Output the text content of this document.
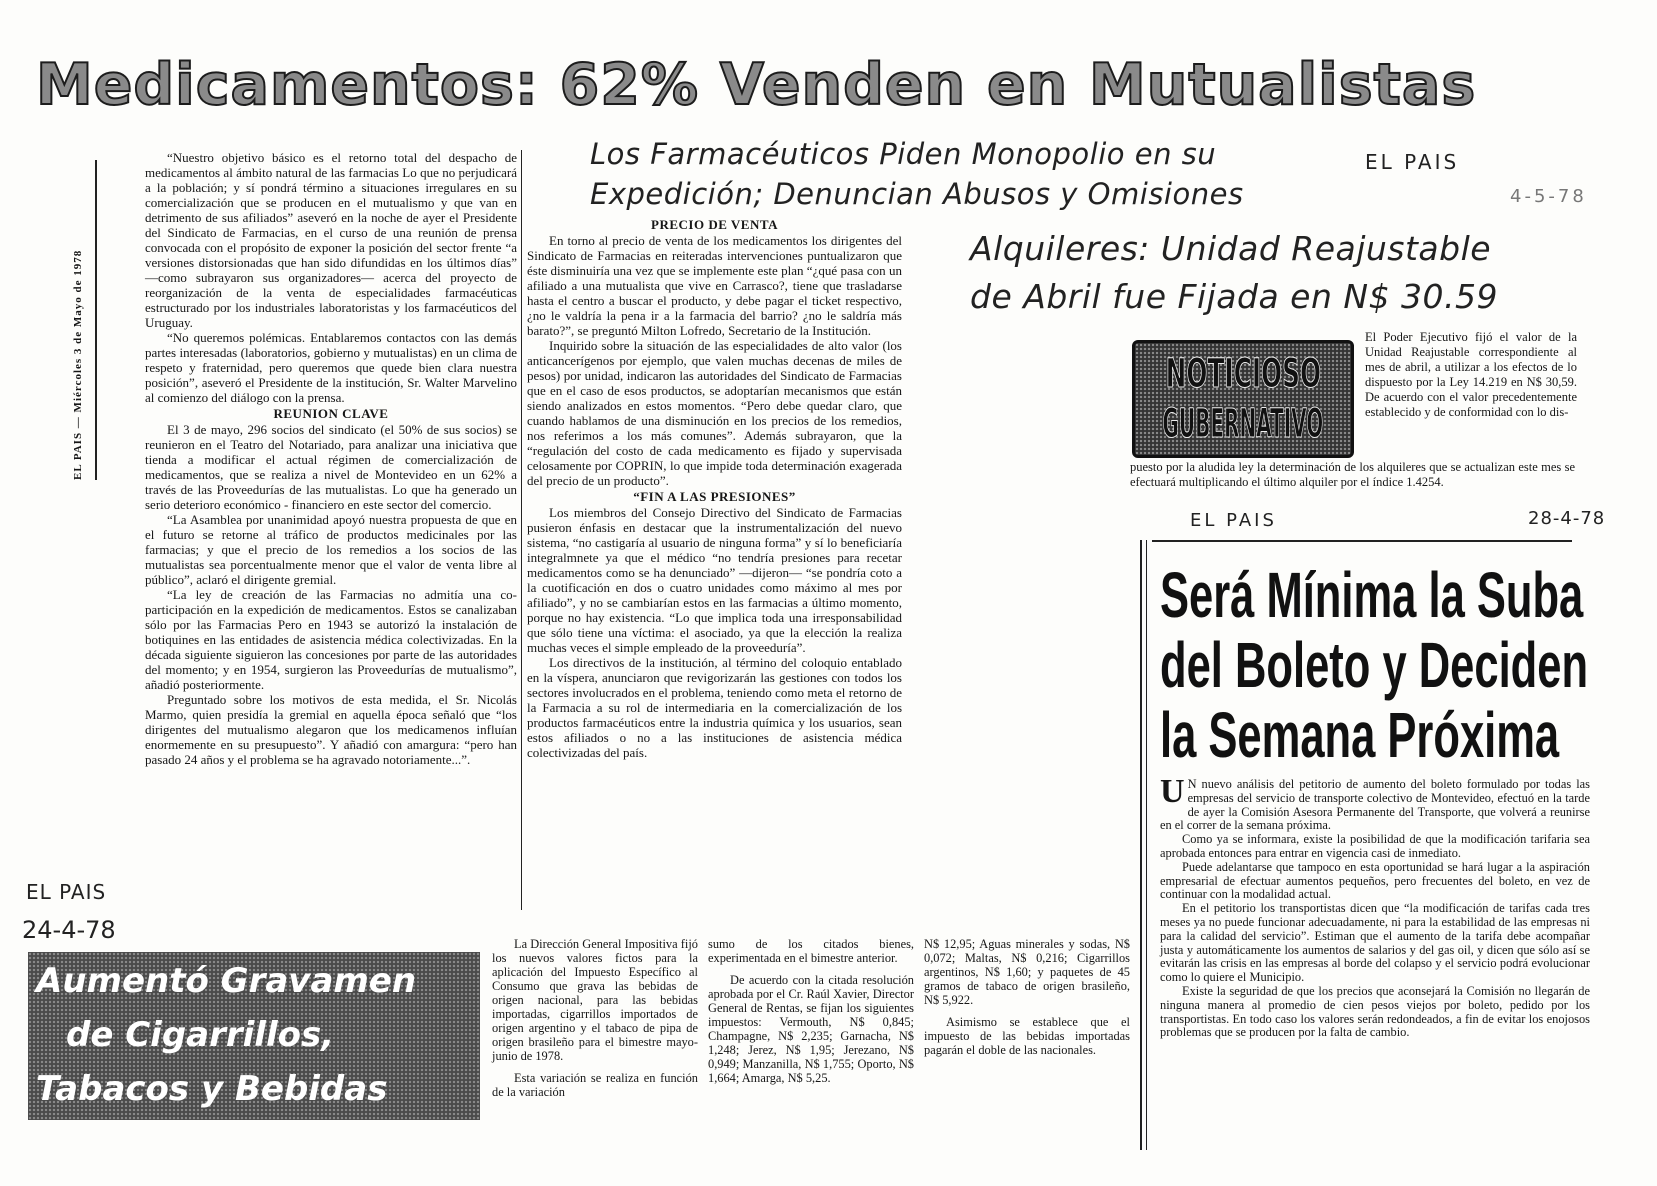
Medicamentos: 62% Venden en Mutualistas
EL PAIS — Miércoles 3 de Mayo de 1978
Los Farmacéuticos Piden Monopolio en su
Expedición; Denuncian Abusos y Omisiones

“Nuestro objetivo básico es el retorno total del despacho de medicamentos al ámbito natural de las farmacias Lo que no perjudicará a la población; y sí pondrá término a situaciones irregulares en su comercialización que se producen en el mutualismo y que van en detrimento de sus afiliados” aseveró en la noche de ayer el Presidente del Sindicato de Farmacias, en el curso de una reunión de prensa convocada con el propósito de exponer la posición del sector frente “a versiones distorsionadas que han sido difundidas en los últimos días” —como subrayaron sus organizadores— acerca del proyecto de reorganización de la venta de especialidades farmacéuticas estructurado por los industriales laboratoristas y los farmacéuticos del Uruguay.

“No queremos polémicas. Entablaremos contactos con las demás partes interesadas (laboratorios, gobierno y mutualistas) en un clima de respeto y fraternidad, pero queremos que quede bien clara nuestra posición”, aseveró el Presidente de la institución, Sr. Walter Marvelino al comienzo del diálogo con la prensa.

REUNION CLAVE

El 3 de mayo, 296 socios del sindicato (el 50% de sus socios) se reunieron en el Teatro del Notariado, para analizar una iniciativa que tienda a modificar el actual régimen de comercialización de medicamentos, que se realiza a nivel de Montevideo en un 62% a través de las Proveedurías de las mutualistas. Lo que ha generado un serio deterioro económico - financiero en este sector del comercio.

“La Asamblea por unanimidad apoyó nuestra propuesta de que en el futuro se retorne al tráfico de productos medicinales por las farmacias; y que el precio de los remedios a los socios de las mutualistas sea porcentualmente menor que el valor de venta libre al público”, aclaró el dirigente gremial.

“La ley de creación de las Farmacias no admitía una co-participación en la expedición de medicamentos. Estos se canalizaban sólo por las Farmacias Pero en 1943 se autorizó la instalación de botiquines en las entidades de asistencia médica colectivizadas. En la década siguiente siguieron las concesiones por parte de las autoridades del momento; y en 1954, surgieron las Proveedurías de mutualismo”, añadió posteriormente.

Preguntado sobre los motivos de esta medida, el Sr. Nicolás Marmo, quien presidía la gremial en aquella época señaló que “los dirigentes del mutualismo alegaron que los medicamenos influían enormemente en su presupuesto”. Y añadió con amargura: “pero han pasado 24 años y el problema se ha agravado notoriamente...”.

PRECIO DE VENTA

En torno al precio de venta de los medicamentos los dirigentes del Sindicato de Farmacias en reiteradas intervenciones puntualizaron que éste disminuiría una vez que se implemente este plan “¿qué pasa con un afiliado a una mutualista que vive en Carrasco?, tiene que trasladarse hasta el centro a buscar el producto, y debe pagar el ticket respectivo, ¿no le valdría la pena ir a la farmacia del barrio? ¿no le saldría más barato?”, se preguntó Milton Lofredo, Secretario de la Institución.

Inquirido sobre la situación de las especialidades de alto valor (los anticancerígenos por ejemplo, que valen muchas decenas de miles de pesos) por unidad, indicaron las autoridades del Sindicato de Farmacias que en el caso de esos productos, se adoptarían mecanismos que están siendo analizados en estos momentos. “Pero debe quedar claro, que cuando hablamos de una disminución en los precios de los remedios, nos referimos a los más comunes”. Además subrayaron, que la “regulación del costo de cada medicamento es fijado y supervisada celosamente por COPRIN, lo que impide toda determinación exagerada del precio de un producto”.

“FIN A LAS PRESIONES”

Los miembros del Consejo Directivo del Sindicato de Farmacias pusieron énfasis en destacar que la instrumentalización del nuevo sistema, “no castigaría al usuario de ninguna forma” y sí lo beneficiaría integralmnete ya que el médico “no tendría presiones para recetar medicamentos como se ha denunciado” —dijeron— “se pondría coto a la cuotificación en dos o cuatro unidades como máximo al mes por afiliado”, y no se cambiarían estos en las farmacias a último momento, porque no hay existencia. “Lo que implica toda una irresponsabilidad que sólo tiene una víctima: el asociado, ya que la elección la realiza muchas veces el simple empleado de la proveeduría”.

Los directivos de la institución, al término del coloquio entablado en la víspera, anunciaron que revigorizarán las gestiones con todos los sectores involucrados en el problema, teniendo como meta el retorno de la Farmacia a su rol de intermediaria en la comercialización de los productos farmacéuticos entre la industria química y los usuarios, sean estos afiliados o no a las instituciones de asistencia médica colectivizadas del país.

EL PAIS
4-5-78
Alquileres: Unidad Reajustable
de Abril fue Fijada en N$ 30.59
NOTICIOSO
GUBERNATIVO
El Poder Ejecutivo fijó el valor de la Unidad Reajustable correspondiente al mes de abril, a utilizar a los efectos de lo dispuesto por la Ley 14.219 en N$ 30,59. De acuerdo con el valor precedentemente establecido y de conformidad con lo dis-
puesto por la aludida ley la determinación de los alquileres que se actualizan este mes se efectuará multiplicando el último alquiler por el índice 1.4254.
EL PAIS	28-4-78
Será Mínima la Suba
del Boleto y Deciden
la Semana Próxima

U N nuevo análisis del petitorio de aumento del boleto formulado por todas las empresas del servicio de transporte colectivo de Montevideo, efectuó en la tarde de ayer la Comisión Asesora Permanente del Transporte, que volverá a reunirse en el correr de la semana próxima.

Como ya se informara, existe la posibilidad de que la modificación tarifaria sea aprobada entonces para entrar en vigencia casi de inmediato.

Puede adelantarse que tampoco en esta oportunidad se hará lugar a la aspiración empresarial de efectuar aumentos pequeños, pero frecuentes del boleto, en vez de continuar con la modalidad actual.

En el petitorio los transportistas dicen que “la modificación de tarifas cada tres meses ya no puede funcionar adecuadamente, ni para la estabilidad de las empresas ni para la calidad del servicio”. Estiman que el aumento de la tarifa debe acompañar justa y automáticamente los aumentos de salarios y del gas oil, y dicen que sólo así se evitarán las crisis en las empresas al borde del colapso y el servicio podrá evolucionar como lo quiere el Municipio.

Existe la seguridad de que los precios que aconsejará la Comisión no llegarán de ninguna manera al promedio de cien pesos viejos por boleto, pedido por los transportistas. En todo caso los valores serán redondeados, a fin de evitar los enojosos problemas que se producen por la falta de cambio.

EL PAIS
24-4-78
Aumentó Gravamen
de Cigarrillos,
Tabacos y Bebidas

La Dirección General Impositiva fijó los nuevos valores fictos para la aplicación del Impuesto Específico al Consumo que grava las bebidas de origen nacional, para las bebidas importadas, cigarrillos importados de origen argentino y el tabaco de pipa de origen brasileño para el bimestre mayo-junio de 1978.

Esta variación se realiza en función de la variación

sumo de los citados bienes, experimentada en el bimestre anterior.

De acuerdo con la citada resolución aprobada por el Cr. Raúl Xavier, Director General de Rentas, se fijan los siguientes impuestos: Vermouth, N$ 0,845; Champagne, N$ 2,235; Garnacha, N$ 1,248; Jerez, N$ 1,95; Jerezano, N$ 0,949; Manzanilla, N$ 1,755; Oporto, N$ 1,664; Amarga, N$ 5,25.

N$ 12,95; Aguas minerales y sodas, N$ 0,072; Maltas, N$ 0,216; Cigarrillos argentinos, N$ 1,60; y paquetes de 45 gramos de tabaco de origen brasileño, N$ 5,922.

Asimismo se establece que el impuesto de las bebidas importadas pagarán el doble de las nacionales.
